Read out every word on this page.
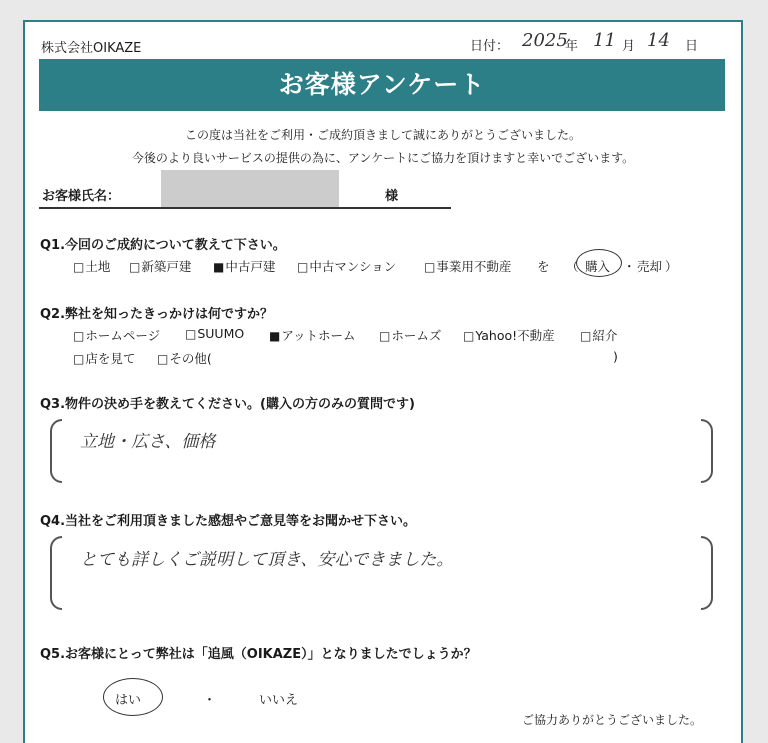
株式会社OIKAZE	日付： 2025
年 11 月 14 日
お客様アンケート
この度は当社をご利用・ご成約頂きまして誠にありがとうございました。
今後のより良いサービスの提供の為に、アンケートにご協力を頂けますと幸いでございます。
お客様氏名：	様
Q1.今回のご成約について教えて下さい。
□土地 □新築戸建 ■中古戸建 □中古マンション □事業用不動産 を （ 購入 ・ 売却 ）
Q2.弊社を知ったきっかけは何ですか？
□ホームページ □SUUMO ■アットホーム □ホームズ □Yahoo!不動産 □紹介
□店を見て □その他(	)
Q3.物件の決め手を教えてください。(購入の方のみの質問です)
立地・広さ、価格
Q4.当社をご利用頂きました感想やご意見等をお聞かせ下さい。
とても詳しくご説明して頂き、安心できました。
Q5.お客様にとって弊社は「追風（OIKAZE）」となりましたでしょうか？
はい	・	いいえ
ご協力ありがとうございました。
